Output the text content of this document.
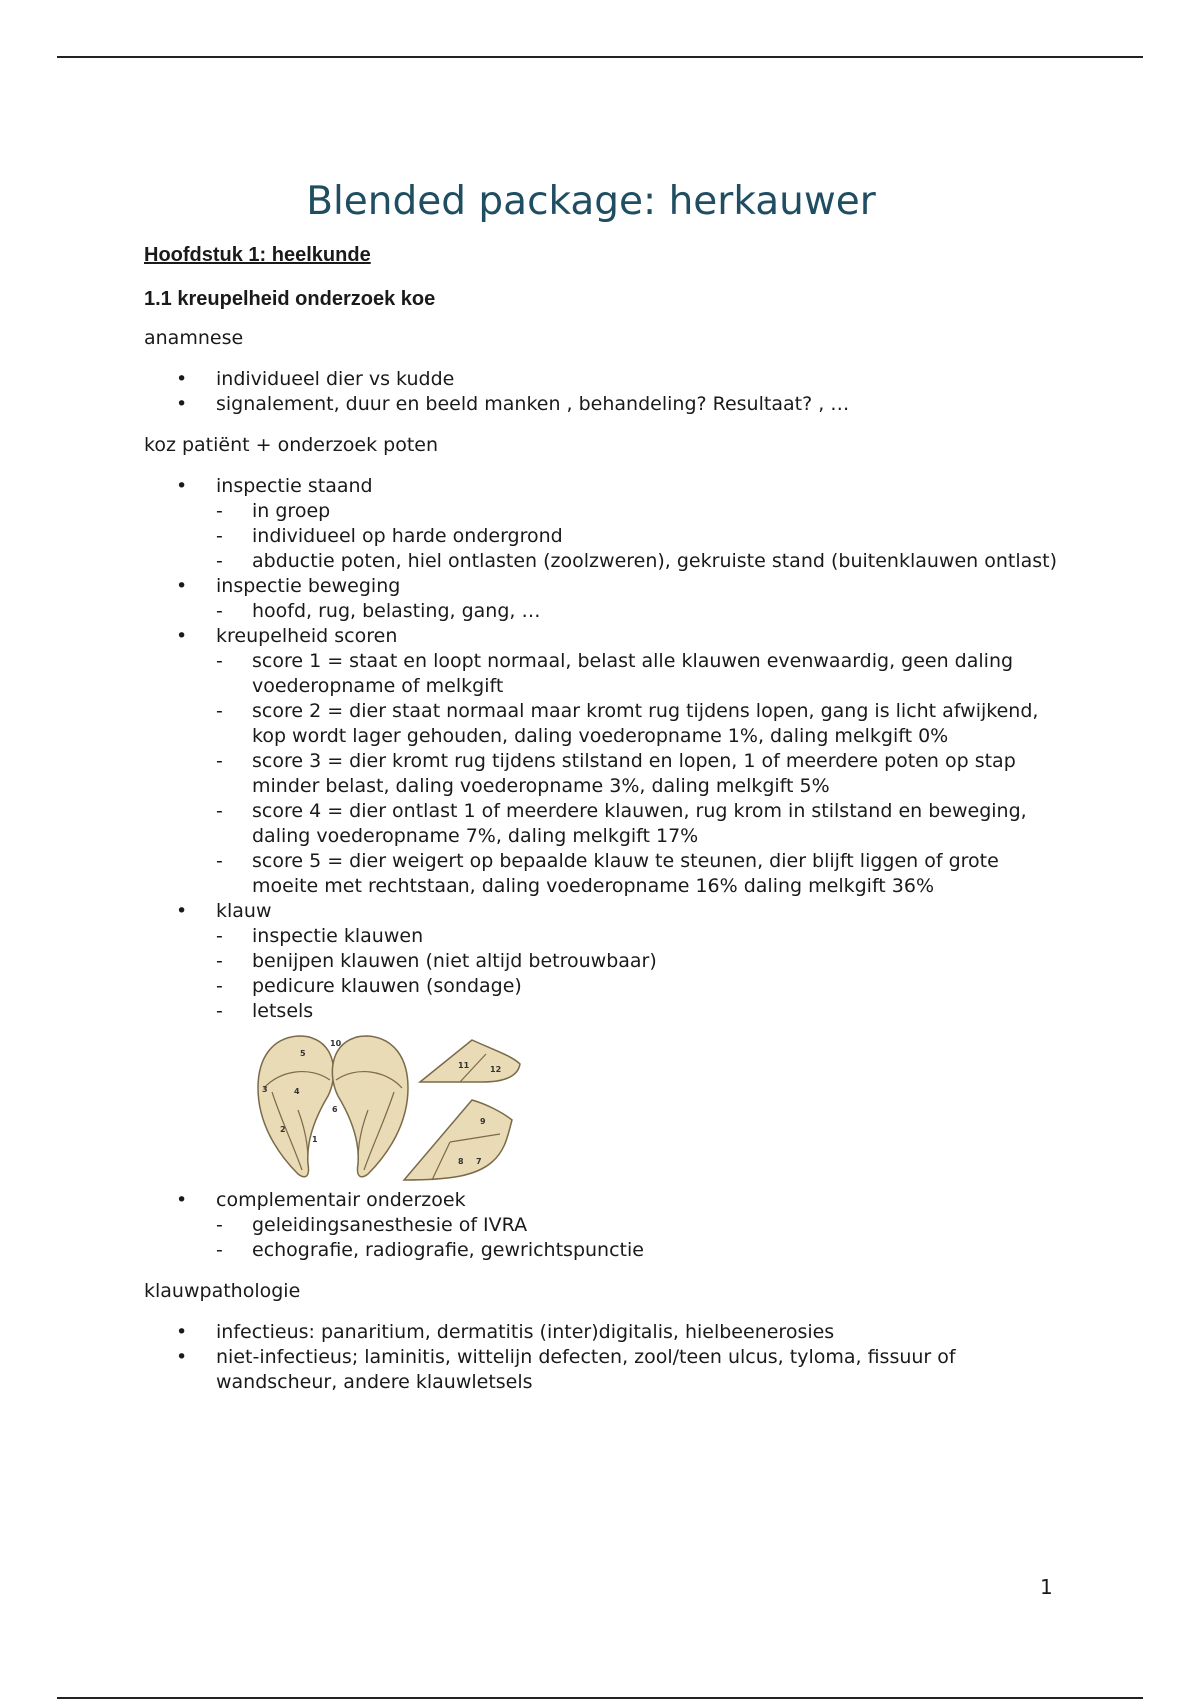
Blended package: herkauwer
Hoofdstuk 1: heelkunde
1.1 kreupelheid onderzoek koe
anamnese
•	individueel dier vs kudde
•	signalement, duur en beeld manken , behandeling? Resultaat? , …
koz patiënt + onderzoek poten
•	inspectie staand
- in groep
- individueel op harde ondergrond
- abductie poten, hiel ontlasten (zoolzweren), gekruiste stand (buitenklauwen ontlast)
•	inspectie beweging
- hoofd, rug, belasting, gang, …
•	kreupelheid scoren
- score 1 = staat en loopt normaal, belast alle klauwen evenwaardig, geen daling voederopname of melkgift
- score 2 = dier staat normaal maar kromt rug tijdens lopen, gang is licht afwijkend, kop wordt lager gehouden, daling voederopname 1%, daling melkgift 0%
- score 3 = dier kromt rug tijdens stilstand en lopen, 1 of meerdere poten op stap minder belast, daling voederopname 3%, daling melkgift 5%
- score 4 = dier ontlast 1 of meerdere klauwen, rug krom in stilstand en beweging, daling voederopname 7%, daling melkgift 17%
- score 5 = dier weigert op bepaalde klauw te steunen, dier blijft liggen of grote moeite met rechtstaan, daling voederopname 16% daling melkgift 36%
•	klauw
- inspectie klauwen
- benijpen klauwen (niet altijd betrouwbaar)
- pedicure klauwen (sondage)
- letsels
1
2
3	4
5
6
7
8
9
10
11	12
•	complementair onderzoek
- geleidingsanesthesie of IVRA
- echografie, radiografie, gewrichtspunctie
klauwpathologie
•	infectieus: panaritium, dermatitis (inter)digitalis, hielbeenerosies
•	niet-infectieus; laminitis, wittelijn defecten, zool/teen ulcus, tyloma, fissuur of wandscheur, andere klauwletsels
1
